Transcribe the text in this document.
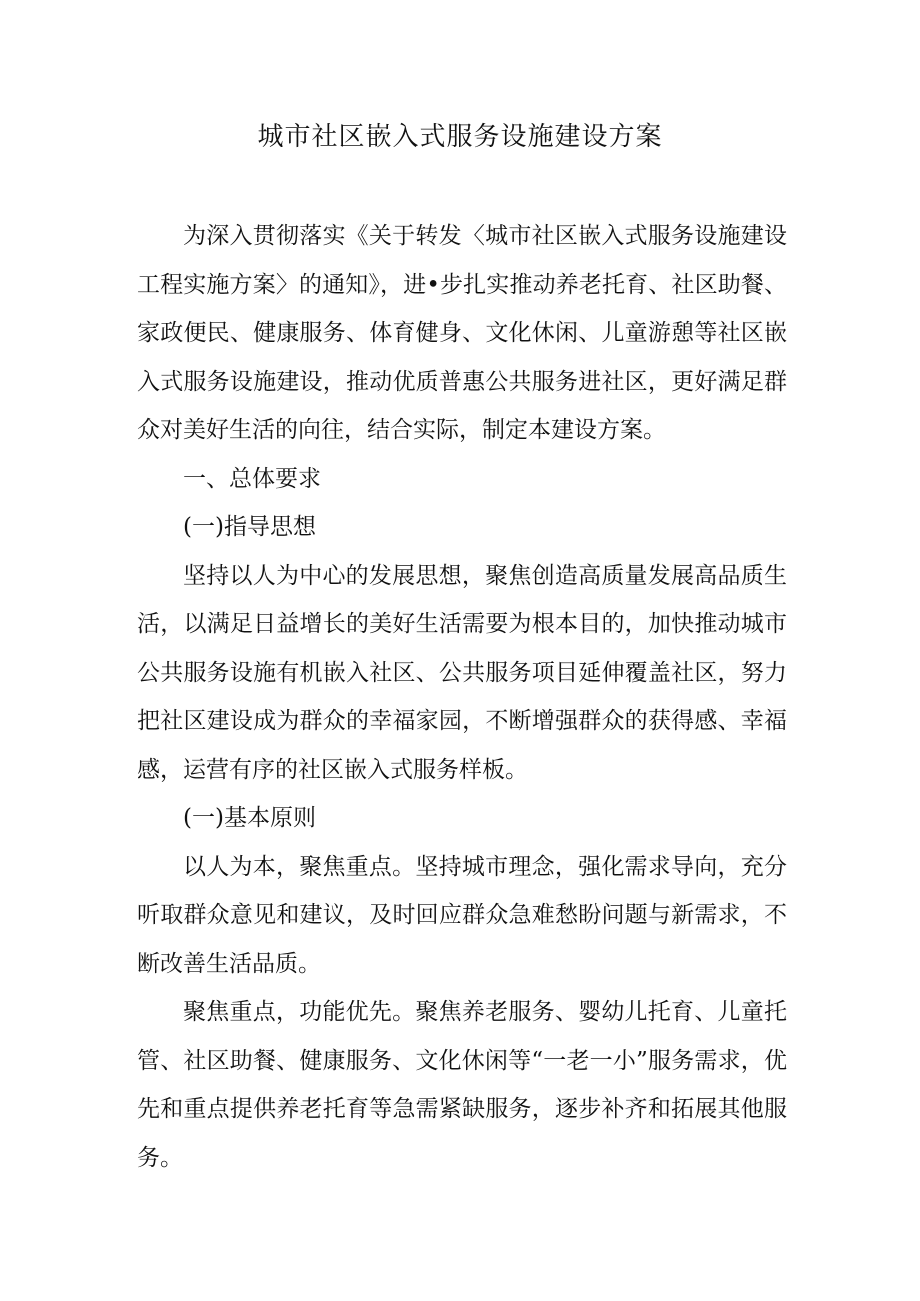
城市社区嵌入式服务设施建设方案

为深入贯彻落实《关于转发〈城市社区嵌入式服务设施建设工程实施方案〉的通知》，进•步扎实推动养老托育、社区助餐、家政便民、健康服务、体育健身、文化休闲、儿童游憩等社区嵌入式服务设施建设，推动优质普惠公共服务进社区，更好满足群众对美好生活的向往，结合实际，制定本建设方案。

一、总体要求

(一)指导思想

坚持以人为中心的发展思想，聚焦创造高质量发展高品质生活，以满足日益增长的美好生活需要为根本目的，加快推动城市公共服务设施有机嵌入社区、公共服务项目延伸覆盖社区，努力把社区建设成为群众的幸福家园，不断增强群众的获得感、幸福感，运营有序的社区嵌入式服务样板。

(一)基本原则

以人为本，聚焦重点。坚持城市理念，强化需求导向，充分听取群众意见和建议，及时回应群众急难愁盼问题与新需求，不断改善生活品质。

聚焦重点，功能优先。聚焦养老服务、婴幼儿托育、儿童托管、社区助餐、健康服务、文化休闲等“一老一小”服务需求，优先和重点提供养老托育等急需紧缺服务，逐步补齐和拓展其他服务。
